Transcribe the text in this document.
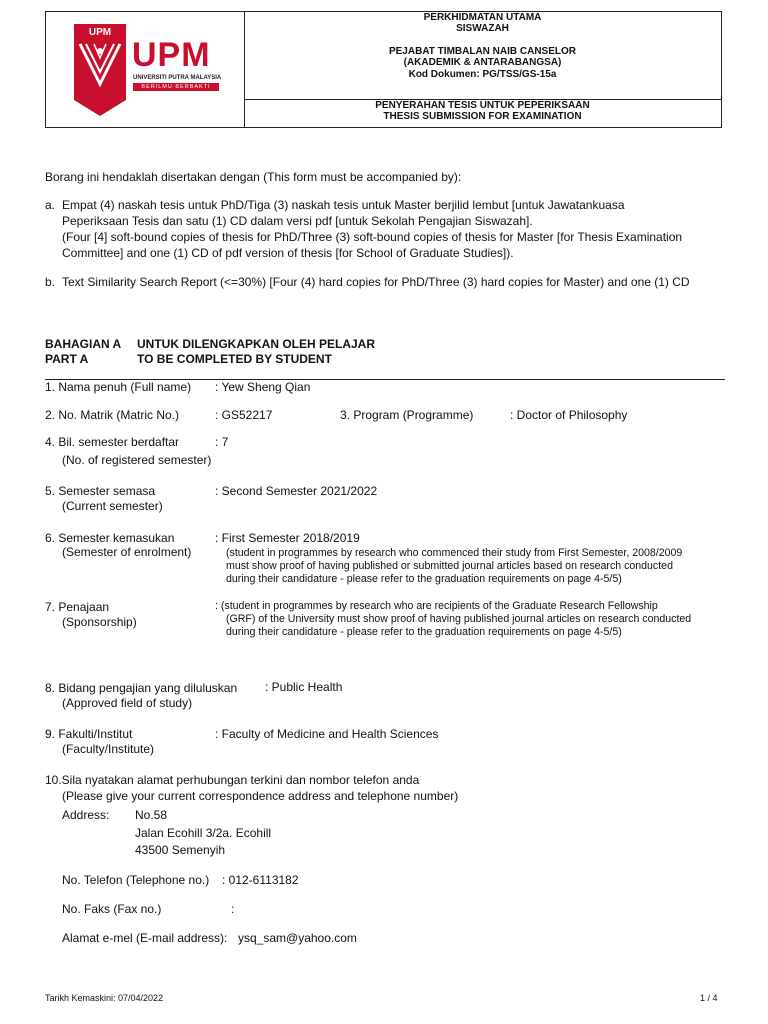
UPM
UPM
UNIVERSITI PUTRA MALAYSIA
BERILMU BERBAKTI
PERKHIDMATAN UTAMA
SISWAZAH
PEJABAT TIMBALAN NAIB CANSELOR
(AKADEMIK & ANTARABANGSA)
Kod Dokumen: PG/TSS/GS-15a
PENYERAHAN TESIS UNTUK PEPERIKSAAN
THESIS SUBMISSION FOR EXAMINATION
Borang ini hendaklah disertakan dengan (This form must be accompanied by):
a. Empat (4) naskah tesis untuk PhD/Tiga (3) naskah tesis untuk Master berjilid lembut [untuk Jawatankuasa
Peperiksaan Tesis dan satu (1) CD dalam versi pdf [untuk Sekolah Pengajian Siswazah].
(Four [4] soft-bound copies of thesis for PhD/Three (3) soft-bound copies of thesis for Master [for Thesis Examination
Committee] and one (1) CD of pdf version of thesis [for School of Graduate Studies]).
b. Text Similarity Search Report (<=30%) [Four (4) hard copies for PhD/Three (3) hard copies for Master) and one (1) CD
BAHAGIAN A UNTUK DILENGKAPKAN OLEH PELAJAR
PART A	TO BE COMPLETED BY STUDENT
1. Nama penuh (Full name) : Yew Sheng Qian
2. No. Matrik (Matric No.)	: GS52217	3. Program (Programme)	: Doctor of Philosophy
4. Bil. semester berdaftar	: 7
(No. of registered semester)
5. Semester semasa
(Current semester)
: Second Semester 2021/2022
6. Semester kemasukan
(Semester of enrolment)
: First Semester 2018/2019
(student in programmes by research who commenced their study from First Semester, 2008/2009
must show proof of having published or submitted journal articles based on research conducted
during their candidature - please refer to the graduation requirements on page 4-5/5)
7. Penajaan
(Sponsorship)
: (student in programmes by research who are recipients of the Graduate Research Fellowship
(GRF) of the University must show proof of having published journal articles on research conducted
during their candidature - please refer to the graduation requirements on page 4-5/5)
8. Bidang pengajian yang diluluskan
(Approved field of study)
: Public Health
9. Fakulti/Institut
(Faculty/Institute)
: Faculty of Medicine and Health Sciences
10.Sila nyatakan alamat perhubungan terkini dan nombor telefon anda
(Please give your current correspondence address and telephone number)
Address: No.58
Jalan Ecohill 3/2a. Ecohill
43500 Semenyih
No. Telefon (Telephone no.) : 012-6113182
No. Faks (Fax no.)	:
Alamat e-mel (E-mail address): ysq_sam@yahoo.com
Tarikh Kemaskini: 07/04/2022	1 / 4
